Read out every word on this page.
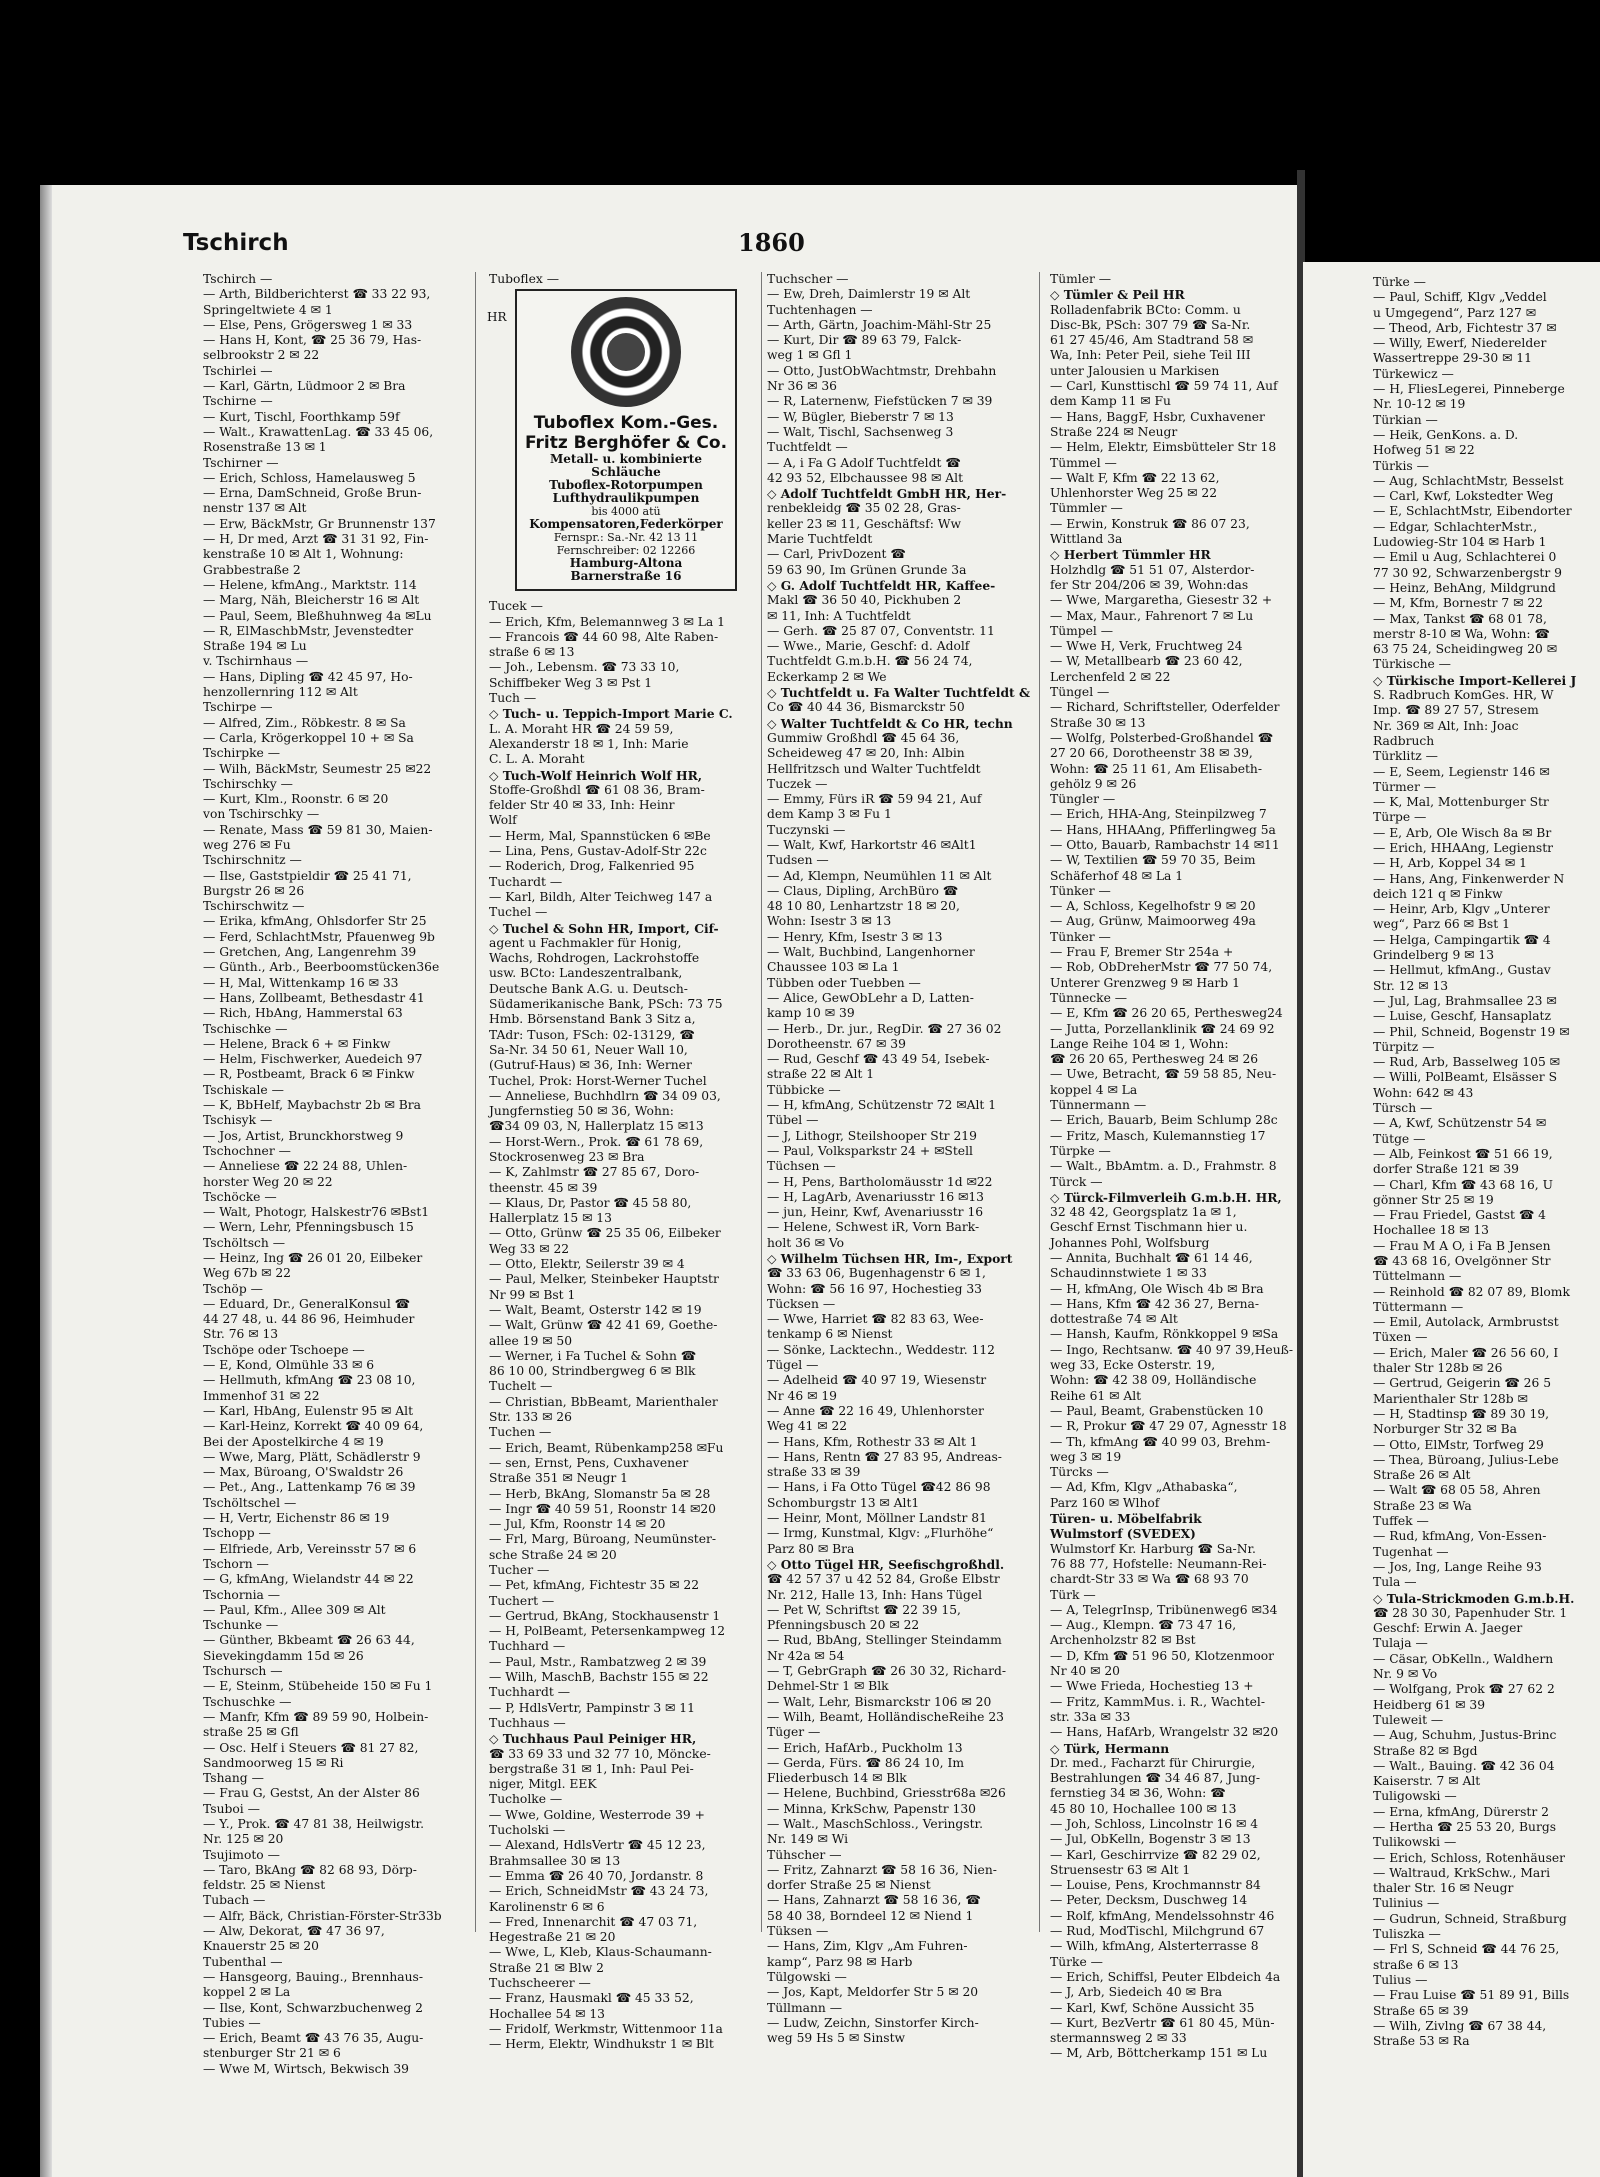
Tschirch	1860

Tschirch —

— Arth, Bildberichterst ☎ 33 22 93,

Springeltwiete 4 ✉ 1

— Else, Pens, Grögersweg 1 ✉ 33

— Hans H, Kont, ☎ 25 36 79, Has-

selbrookstr 2 ✉ 22

Tschirlei —

— Karl, Gärtn, Lüdmoor 2 ✉ Bra

Tschirne —

— Kurt, Tischl, Foorthkamp 59f

— Walt., KrawattenLag. ☎ 33 45 06,

Rosenstraße 13 ✉ 1

Tschirner —

— Erich, Schloss, Hamelausweg 5

— Erna, DamSchneid, Große Brun-

nenstr 137 ✉ Alt

— Erw, BäckMstr, Gr Brunnenstr 137

— H, Dr med, Arzt ☎ 31 31 92, Fin-

kenstraße 10 ✉ Alt 1, Wohnung:

Grabbestraße 2

— Helene, kfmAng., Marktstr. 114

— Marg, Näh, Bleicherstr 16 ✉ Alt

— Paul, Seem, Bleßhuhnweg 4a ✉Lu

— R, ElMaschbMstr, Jevenstedter

Straße 194 ✉ Lu

v. Tschirnhaus —

— Hans, Dipling ☎ 42 45 97, Ho-

henzollernring 112 ✉ Alt

Tschirpe —

— Alfred, Zim., Röbkestr. 8 ✉ Sa

— Carla, Krögerkoppel 10 + ✉ Sa

Tschirpke —

— Wilh, BäckMstr, Seumestr 25 ✉22

Tschirschky —

— Kurt, Klm., Roonstr. 6 ✉ 20

von Tschirschky —

— Renate, Mass ☎ 59 81 30, Maien-

weg 276 ✉ Fu

Tschirschnitz —

— Ilse, Gaststpieldir ☎ 25 41 71,

Burgstr 26 ✉ 26

Tschirschwitz —

— Erika, kfmAng, Ohlsdorfer Str 25

— Ferd, SchlachtMstr, Pfauenweg 9b

— Gretchen, Ang, Langenrehm 39

— Günth., Arb., Beerboomstücken36e

— H, Mal, Wittenkamp 16 ✉ 33

— Hans, Zollbeamt, Bethesdastr 41

— Rich, HbAng, Hammerstal 63

Tschischke —

— Helene, Brack 6 + ✉ Finkw

— Helm, Fischwerker, Auedeich 97

— R, Postbeamt, Brack 6 ✉ Finkw

Tschiskale —

— K, BbHelf, Maybachstr 2b ✉ Bra

Tschisyk —

— Jos, Artist, Brunckhorstweg 9

Tschochner —

— Anneliese ☎ 22 24 88, Uhlen-

horster Weg 20 ✉ 22

Tschöcke —

— Walt, Photogr, Halskestr76 ✉Bst1

— Wern, Lehr, Pfenningsbusch 15

Tschöltsch —

— Heinz, Ing ☎ 26 01 20, Eilbeker

Weg 67b ✉ 22

Tschöp —

— Eduard, Dr., GeneralKonsul ☎

44 27 48, u. 44 86 96, Heimhuder

Str. 76 ✉ 13

Tschöpe oder Tschoepe —

— E, Kond, Olmühle 33 ✉ 6

— Hellmuth, kfmAng ☎ 23 08 10,

Immenhof 31 ✉ 22

— Karl, HbAng, Eulenstr 95 ✉ Alt

— Karl-Heinz, Korrekt ☎ 40 09 64,

Bei der Apostelkirche 4 ✉ 19

— Wwe, Marg, Plätt, Schädlerstr 9

— Max, Büroang, O'Swaldstr 26

— Pet., Ang., Lattenkamp 76 ✉ 39

Tschöltschel —

— H, Vertr, Eichenstr 86 ✉ 19

Tschopp —

— Elfriede, Arb, Vereinsstr 57 ✉ 6

Tschorn —

— G, kfmAng, Wielandstr 44 ✉ 22

Tschornia —

— Paul, Kfm., Allee 309 ✉ Alt

Tschunke —

— Günther, Bkbeamt ☎ 26 63 44,

Sievekingdamm 15d ✉ 26

Tschursch —

— E, Steinm, Stübeheide 150 ✉ Fu 1

Tschuschke —

— Manfr, Kfm ☎ 89 59 90, Holbein-

straße 25 ✉ Gfl

— Osc. Helf i Steuers ☎ 81 27 82,

Sandmoorweg 15 ✉ Ri

Tshang —

— Frau G, Gestst, An der Alster 86

Tsuboi —

— Y., Prok. ☎ 47 81 38, Heilwigstr.

Nr. 125 ✉ 20

Tsujimoto —

— Taro, BkAng ☎ 82 68 93, Dörp-

feldstr. 25 ✉ Nienst

Tubach —

— Alfr, Bäck, Christian-Förster-Str33b

— Alw, Dekorat, ☎ 47 36 97,

Knauerstr 25 ✉ 20

Tubenthal —

— Hansgeorg, Bauing., Brennhaus-

koppel 2 ✉ La

— Ilse, Kont, Schwarzbuchenweg 2

Tubies —

— Erich, Beamt ☎ 43 76 35, Augu-

stenburger Str 21 ✉ 6

— Wwe M, Wirtsch, Bekwisch 39

Tuboflex —

Tuboflex Kom.-Ges.
Fritz Berghöfer & Co.
Metall- u. kombinierte
Schläuche
Tuboflex-Rotorpumpen
Lufthydraulikpumpen
bis 4000 atü
Kompensatoren,Federkörper
Fernspr.: Sa.-Nr. 42 13 11
Fernschreiber: 02 12266
Hamburg-Altona
Barnerstraße 16

Tucek —

— Erich, Kfm, Belemannweg 3 ✉ La 1

— Francois ☎ 44 60 98, Alte Raben-

straße 6 ✉ 13

— Joh., Lebensm. ☎ 73 33 10,

Schiffbeker Weg 3 ✉ Pst 1

Tuch —

◇ Tuch- u. Teppich-Import Marie C.

L. A. Moraht HR ☎ 24 59 59,

Alexanderstr 18 ✉ 1, Inh: Marie

C. L. A. Moraht

◇ Tuch-Wolf Heinrich Wolf HR,

Stoffe-Großhdl ☎ 61 08 36, Bram-

felder Str 40 ✉ 33, Inh: Heinr

Wolf

— Herm, Mal, Spannstücken 6 ✉Be

— Lina, Pens, Gustav-Adolf-Str 22c

— Roderich, Drog, Falkenried 95

Tuchardt —

— Karl, Bildh, Alter Teichweg 147 a

Tuchel —

◇ Tuchel & Sohn HR, Import, Cif-

agent u Fachmakler für Honig,

Wachs, Rohdrogen, Lackrohstoffe

usw. BCto: Landeszentralbank,

Deutsche Bank A.G. u. Deutsch-

Südamerikanische Bank, PSch: 73 75

Hmb. Börsenstand Bank 3 Sitz a,

TAdr: Tuson, FSch: 02-13129, ☎

Sa-Nr. 34 50 61, Neuer Wall 10,

(Gutruf-Haus) ✉ 36, Inh: Werner

Tuchel, Prok: Horst-Werner Tuchel

— Anneliese, Buchhdlrn ☎ 34 09 03,

Jungfernstieg 50 ✉ 36, Wohn:

☎34 09 03, N, Hallerplatz 15 ✉13

— Horst-Wern., Prok. ☎ 61 78 69,

Stockrosenweg 23 ✉ Bra

— K, Zahlmstr ☎ 27 85 67, Doro-

theenstr. 45 ✉ 39

— Klaus, Dr, Pastor ☎ 45 58 80,

Hallerplatz 15 ✉ 13

— Otto, Grünw ☎ 25 35 06, Eilbeker

Weg 33 ✉ 22

— Otto, Elektr, Seilerstr 39 ✉ 4

— Paul, Melker, Steinbeker Hauptstr

Nr 99 ✉ Bst 1

— Walt, Beamt, Osterstr 142 ✉ 19

— Walt, Grünw ☎ 42 41 69, Goethe-

allee 19 ✉ 50

— Werner, i Fa Tuchel & Sohn ☎

86 10 00, Strindbergweg 6 ✉ Blk

Tuchelt —

— Christian, BbBeamt, Marienthaler

Str. 133 ✉ 26

Tuchen —

— Erich, Beamt, Rübenkamp258 ✉Fu

— sen, Ernst, Pens, Cuxhavener

Straße 351 ✉ Neugr 1

— Herb, BkAng, Slomanstr 5a ✉ 28

— Ingr ☎ 40 59 51, Roonstr 14 ✉20

— Jul, Kfm, Roonstr 14 ✉ 20

— Frl, Marg, Büroang, Neumünster-

sche Straße 24 ✉ 20

Tucher —

— Pet, kfmAng, Fichtestr 35 ✉ 22

Tuchert —

— Gertrud, BkAng, Stockhausenstr 1

— H, PolBeamt, Petersenkampweg 12

Tuchhard —

— Paul, Mstr., Rambatzweg 2 ✉ 39

— Wilh, MaschB, Bachstr 155 ✉ 22

Tuchhardt —

— P, HdlsVertr, Pampinstr 3 ✉ 11

Tuchhaus —

◇ Tuchhaus Paul Peiniger HR,

☎ 33 69 33 und 32 77 10, Möncke-

bergstraße 31 ✉ 1, Inh: Paul Pei-

niger, Mitgl. EEK

Tucholke —

— Wwe, Goldine, Westerrode 39 +

Tucholski —

— Alexand, HdlsVertr ☎ 45 12 23,

Brahmsallee 30 ✉ 13

— Emma ☎ 26 40 70, Jordanstr. 8

— Erich, SchneidMstr ☎ 43 24 73,

Karolinenstr 6 ✉ 6

— Fred, Innenarchit ☎ 47 03 71,

Hegestraße 21 ✉ 20

— Wwe, L, Kleb, Klaus-Schaumann-

Straße 21 ✉ Blw 2

Tuchscheerer —

— Franz, Hausmakl ☎ 45 33 52,

Hochallee 54 ✉ 13

— Fridolf, Werkmstr, Wittenmoor 11a

— Herm, Elektr, Windhukstr 1 ✉ Blt

HR

Tuchscher —

— Ew, Dreh, Daimlerstr 19 ✉ Alt

Tuchtenhagen —

— Arth, Gärtn, Joachim-Mähl-Str 25

— Kurt, Dir ☎ 89 63 79, Falck-

weg 1 ✉ Gfl 1

— Otto, JustObWachtmstr, Drehbahn

Nr 36 ✉ 36

— R, Laternenw, Fiefstücken 7 ✉ 39

— W, Bügler, Bieberstr 7 ✉ 13

— Walt, Tischl, Sachsenweg 3

Tuchtfeldt —

— A, i Fa G Adolf Tuchtfeldt ☎

42 93 52, Elbchaussee 98 ✉ Alt

◇ Adolf Tuchtfeldt GmbH HR, Her-

renbekleidg ☎ 35 02 28, Gras-

keller 23 ✉ 11, Geschäftsf: Ww

Marie Tuchtfeldt

— Carl, PrivDozent ☎

59 63 90, Im Grünen Grunde 3a

◇ G. Adolf Tuchtfeldt HR, Kaffee-

Makl ☎ 36 50 40, Pickhuben 2

✉ 11, Inh: A Tuchtfeldt

— Gerh. ☎ 25 87 07, Conventstr. 11

— Wwe., Marie, Geschf: d. Adolf

Tuchtfeldt G.m.b.H. ☎ 56 24 74,

Eckerkamp 2 ✉ We

◇ Tuchtfeldt u. Fa Walter Tuchtfeldt &

Co ☎ 40 44 36, Bismarckstr 50

◇ Walter Tuchtfeldt & Co HR, techn

Gummiw Großhdl ☎ 45 64 36,

Scheideweg 47 ✉ 20, Inh: Albin

Hellfritzsch und Walter Tuchtfeldt

Tuczek —

— Emmy, Fürs iR ☎ 59 94 21, Auf

dem Kamp 3 ✉ Fu 1

Tuczynski —

— Walt, Kwf, Harkortstr 46 ✉Alt1

Tudsen —

— Ad, Klempn, Neumühlen 11 ✉ Alt

— Claus, Dipling, ArchBüro ☎

48 10 80, Lenhartzstr 18 ✉ 20,

Wohn: Isestr 3 ✉ 13

— Henry, Kfm, Isestr 3 ✉ 13

— Walt, Buchbind, Langenhorner

Chaussee 103 ✉ La 1

Tübben oder Tuebben —

— Alice, GewObLehr a D, Latten-

kamp 10 ✉ 39

— Herb., Dr. jur., RegDir. ☎ 27 36 02

Dorotheenstr. 67 ✉ 39

— Rud, Geschf ☎ 43 49 54, Isebek-

straße 22 ✉ Alt 1

Tübbicke —

— H, kfmAng, Schützenstr 72 ✉Alt 1

Tübel —

— J, Lithogr, Steilshooper Str 219

— Paul, Volksparkstr 24 + ✉Stell

Tüchsen —

— H, Pens, Bartholomäusstr 1d ✉22

— H, LagArb, Avenariusstr 16 ✉13

— jun, Heinr, Kwf, Avenariusstr 16

— Helene, Schwest iR, Vorn Bark-

holt 36 ✉ Vo

◇ Wilhelm Tüchsen HR, Im-, Export

☎ 33 63 06, Bugenhagenstr 6 ✉ 1,

Wohn: ☎ 56 16 97, Hochestieg 33

Tücksen —

— Wwe, Harriet ☎ 82 83 63, Wee-

tenkamp 6 ✉ Nienst

— Sönke, Lacktechn., Weddestr. 112

Tügel —

— Adelheid ☎ 40 97 19, Wiesenstr

Nr 46 ✉ 19

— Anne ☎ 22 16 49, Uhlenhorster

Weg 41 ✉ 22

— Hans, Kfm, Rothestr 33 ✉ Alt 1

— Hans, Rentn ☎ 27 83 95, Andreas-

straße 33 ✉ 39

— Hans, i Fa Otto Tügel ☎42 86 98

Schomburgstr 13 ✉ Alt1

— Heinr, Mont, Möllner Landstr 81

— Irmg, Kunstmal, Klgv: „Flurhöhe“

Parz 80 ✉ Bra

◇ Otto Tügel HR, Seefischgroßhdl.

☎ 42 57 37 u 42 52 84, Große Elbstr

Nr. 212, Halle 13, Inh: Hans Tügel

— Pet W, Schriftst ☎ 22 39 15,

Pfenningsbusch 20 ✉ 22

— Rud, BbAng, Stellinger Steindamm

Nr 42a ✉ 54

— T, GebrGraph ☎ 26 30 32, Richard-

Dehmel-Str 1 ✉ Blk

— Walt, Lehr, Bismarckstr 106 ✉ 20

— Wilh, Beamt, HolländischeReihe 23

Tüger —

— Erich, HafArb., Puckholm 13

— Gerda, Fürs. ☎ 86 24 10, Im

Fliederbusch 14 ✉ Blk

— Helene, Buchbind, Griesstr68a ✉26

— Minna, KrkSchw, Papenstr 130

— Walt., MaschSchloss., Veringstr.

Nr. 149 ✉ Wi

Tühscher —

— Fritz, Zahnarzt ☎ 58 16 36, Nien-

dorfer Straße 25 ✉ Nienst

— Hans, Zahnarzt ☎ 58 16 36, ☎

58 40 38, Borndeel 12 ✉ Niend 1

Tüksen —

— Hans, Zim, Klgv „Am Fuhren-

kamp“, Parz 98 ✉ Harb

Tülgowski —

— Jos, Kapt, Meldorfer Str 5 ✉ 20

Tüllmann —

— Ludw, Zeichn, Sinstorfer Kirch-

weg 59 Hs 5 ✉ Sinstw

Tümler —

◇ Tümler & Peil HR

Rolladenfabrik BCto: Comm. u

Disc-Bk, PSch: 307 79 ☎ Sa-Nr.

61 27 45/46, Am Stadtrand 58 ✉

Wa, Inh: Peter Peil, siehe Teil III

unter Jalousien u Markisen

— Carl, Kunsttischl ☎ 59 74 11, Auf

dem Kamp 11 ✉ Fu

— Hans, BaggF, Hsbr, Cuxhavener

Straße 224 ✉ Neugr

— Helm, Elektr, Eimsbütteler Str 18

Tümmel —

— Walt F, Kfm ☎ 22 13 62,

Uhlenhorster Weg 25 ✉ 22

Tümmler —

— Erwin, Konstruk ☎ 86 07 23,

Wittland 3a

◇ Herbert Tümmler HR

Holzhdlg ☎ 51 51 07, Alsterdor-

fer Str 204/206 ✉ 39, Wohn:das

— Wwe, Margaretha, Giesestr 32 +

— Max, Maur., Fahrenort 7 ✉ Lu

Tümpel —

— Wwe H, Verk, Fruchtweg 24

— W, Metallbearb ☎ 23 60 42,

Lerchenfeld 2 ✉ 22

Tüngel —

— Richard, Schriftsteller, Oderfelder

Straße 30 ✉ 13

— Wolfg, Polsterbed-Großhandel ☎

27 20 66, Dorotheenstr 38 ✉ 39,

Wohn: ☎ 25 11 61, Am Elisabeth-

gehölz 9 ✉ 26

Tüngler —

— Erich, HHA-Ang, Steinpilzweg 7

— Hans, HHAAng, Pfifferlingweg 5a

— Otto, Bauarb, Rambachstr 14 ✉11

— W, Textilien ☎ 59 70 35, Beim

Schäferhof 48 ✉ La 1

Tünker —

— A, Schloss, Kegelhofstr 9 ✉ 20

— Aug, Grünw, Maimoorweg 49a

Tünker —

— Frau F, Bremer Str 254a +

— Rob, ObDreherMstr ☎ 77 50 74,

Unterer Grenzweg 9 ✉ Harb 1

Tünnecke —

— E, Kfm ☎ 26 20 65, Perthesweg24

— Jutta, Porzellanklinik ☎ 24 69 92

Lange Reihe 104 ✉ 1, Wohn:

☎ 26 20 65, Perthesweg 24 ✉ 26

— Uwe, Betracht, ☎ 59 58 85, Neu-

koppel 4 ✉ La

Tünnermann —

— Erich, Bauarb, Beim Schlump 28c

— Fritz, Masch, Kulemannstieg 17

Türpke —

— Walt., BbAmtm. a. D., Frahmstr. 8

Türck —

◇ Türck-Filmverleih G.m.b.H. HR,

32 48 42, Georgsplatz 1a ✉ 1,

Geschf Ernst Tischmann hier u.

Johannes Pohl, Wolfsburg

— Annita, Buchhalt ☎ 61 14 46,

Schaudinnstwiete 1 ✉ 33

— H, kfmAng, Ole Wisch 4b ✉ Bra

— Hans, Kfm ☎ 42 36 27, Berna-

dottestraße 74 ✉ Alt

— Hansh, Kaufm, Rönkkoppel 9 ✉Sa

— Ingo, Rechtsanw. ☎ 40 97 39,Heuß-

weg 33, Ecke Osterstr. 19,

Wohn: ☎ 42 38 09, Holländische

Reihe 61 ✉ Alt

— Paul, Beamt, Grabenstücken 10

— R, Prokur ☎ 47 29 07, Agnesstr 18

— Th, kfmAng ☎ 40 99 03, Brehm-

weg 3 ✉ 19

Türcks —

— Ad, Kfm, Klgv „Athabaska“,

Parz 160 ✉ Wlhof

Türen- u. Möbelfabrik

Wulmstorf (SVEDEX)

Wulmstorf Kr. Harburg ☎ Sa-Nr.

76 88 77, Hofstelle: Neumann-Rei-

chardt-Str 33 ✉ Wa ☎ 68 93 70

Türk —

— A, TelegrInsp, Tribünenweg6 ✉34

— Aug., Klempn. ☎ 73 47 16,

Archenholzstr 82 ✉ Bst

— D, Kfm ☎ 51 96 50, Klotzenmoor

Nr 40 ✉ 20

— Wwe Frieda, Hochestieg 13 +

— Fritz, KammMus. i. R., Wachtel-

str. 33a ✉ 33

— Hans, HafArb, Wrangelstr 32 ✉20

◇ Türk, Hermann

Dr. med., Facharzt für Chirurgie,

Bestrahlungen ☎ 34 46 87, Jung-

fernstieg 34 ✉ 36, Wohn: ☎

45 80 10, Hochallee 100 ✉ 13

— Joh, Schloss, Lincolnstr 16 ✉ 4

— Jul, ObKelln, Bogenstr 3 ✉ 13

— Karl, Geschirrvize ☎ 82 29 02,

Struensestr 63 ✉ Alt 1

— Louise, Pens, Krochmannstr 84

— Peter, Decksm, Duschweg 14

— Rolf, kfmAng, Mendelssohnstr 46

— Rud, ModTischl, Milchgrund 67

— Wilh, kfmAng, Alsterterrasse 8

Türke —

— Erich, Schiffsl, Peuter Elbdeich 4a

— J, Arb, Siedeich 40 ✉ Bra

— Karl, Kwf, Schöne Aussicht 35

— Kurt, BezVertr ☎ 61 80 45, Mün-

stermannsweg 2 ✉ 33

— M, Arb, Böttcherkamp 151 ✉ Lu

Türke —

— Paul, Schiff, Klgv „Veddel

u Umgegend“, Parz 127 ✉

— Theod, Arb, Fichtestr 37 ✉

— Willy, Ewerf, Niederelder

Wassertreppe 29-30 ✉ 11

Türkewicz —

— H, FliesLegerei, Pinneberge

Nr. 10-12 ✉ 19

Türkian —

— Heik, GenKons. a. D.

Hofweg 51 ✉ 22

Türkis —

— Aug, SchlachtMstr, Besselst

— Carl, Kwf, Lokstedter Weg

— E, SchlachtMstr, Eibendorter

— Edgar, SchlachterMstr.,

Ludowieg-Str 104 ✉ Harb 1

— Emil u Aug, Schlachterei 0

77 30 92, Schwarzenbergstr 9

— Heinz, BehAng, Mildgrund

— M, Kfm, Bornestr 7 ✉ 22

— Max, Tankst ☎ 68 01 78,

merstr 8-10 ✉ Wa, Wohn: ☎

63 75 24, Scheidingweg 20 ✉

Türkische —

◇ Türkische Import-Kellerei J

S. Radbruch KomGes. HR, W

Imp. ☎ 89 27 57, Stresem

Nr. 369 ✉ Alt, Inh: Joac

Radbruch

Türklitz —

— E, Seem, Legienstr 146 ✉

Türmer —

— K, Mal, Mottenburger Str

Türpe —

— E, Arb, Ole Wisch 8a ✉ Br

— Erich, HHAAng, Legienstr

— H, Arb, Koppel 34 ✉ 1

— Hans, Ang, Finkenwerder N

deich 121 q ✉ Finkw

— Heinr, Arb, Klgv „Unterer

weg“, Parz 66 ✉ Bst 1

— Helga, Campingartik ☎ 4

Grindelberg 9 ✉ 13

— Hellmut, kfmAng., Gustav

Str. 12 ✉ 13

— Jul, Lag, Brahmsallee 23 ✉

— Luise, Geschf, Hansaplatz

— Phil, Schneid, Bogenstr 19 ✉

Türpitz —

— Rud, Arb, Basselweg 105 ✉

— Willi, PolBeamt, Elsässer S

Wohn: 642 ✉ 43

Türsch —

— A, Kwf, Schützenstr 54 ✉

Tütge —

— Alb, Feinkost ☎ 51 66 19,

dorfer Straße 121 ✉ 39

— Charl, Kfm ☎ 43 68 16, U

gönner Str 25 ✉ 19

— Frau Friedel, Gastst ☎ 4

Hochallee 18 ✉ 13

— Frau M A O, i Fa B Jensen

☎ 43 68 16, Ovelgönner Str

Tüttelmann —

— Reinhold ☎ 82 07 89, Blomk

Tüttermann —

— Emil, Autolack, Armbrustst

Tüxen —

— Erich, Maler ☎ 26 56 60, I

thaler Str 128b ✉ 26

— Gertrud, Geigerin ☎ 26 5

Marienthaler Str 128b ✉

— H, Stadtinsp ☎ 89 30 19,

Norburger Str 32 ✉ Ba

— Otto, ElMstr, Torfweg 29

— Thea, Büroang, Julius-Lebe

Straße 26 ✉ Alt

— Walt ☎ 68 05 58, Ahren

Straße 23 ✉ Wa

Tuffek —

— Rud, kfmAng, Von-Essen-

Tugenhat —

— Jos, Ing, Lange Reihe 93

Tula —

◇ Tula-Strickmoden G.m.b.H.

☎ 28 30 30, Papenhuder Str. 1

Geschf: Erwin A. Jaeger

Tulaja —

— Cäsar, ObKelln., Waldhern

Nr. 9 ✉ Vo

— Wolfgang, Prok ☎ 27 62 2

Heidberg 61 ✉ 39

Tuleweit —

— Aug, Schuhm, Justus-Brinc

Straße 82 ✉ Bgd

— Walt., Bauing. ☎ 42 36 04

Kaiserstr. 7 ✉ Alt

Tuligowski —

— Erna, kfmAng, Dürerstr 2

— Hertha ☎ 25 53 20, Burgs

Tulikowski —

— Erich, Schloss, Rotenhäuser

— Waltraud, KrkSchw., Mari

thaler Str. 16 ✉ Neugr

Tulinius —

— Gudrun, Schneid, Straßburg

Tuliszka —

— Frl S, Schneid ☎ 44 76 25,

straße 6 ✉ 13

Tulius —

— Frau Luise ☎ 51 89 91, Bills

Straße 65 ✉ 39

— Wilh, Zivlng ☎ 67 38 44,

Straße 53 ✉ Ra
